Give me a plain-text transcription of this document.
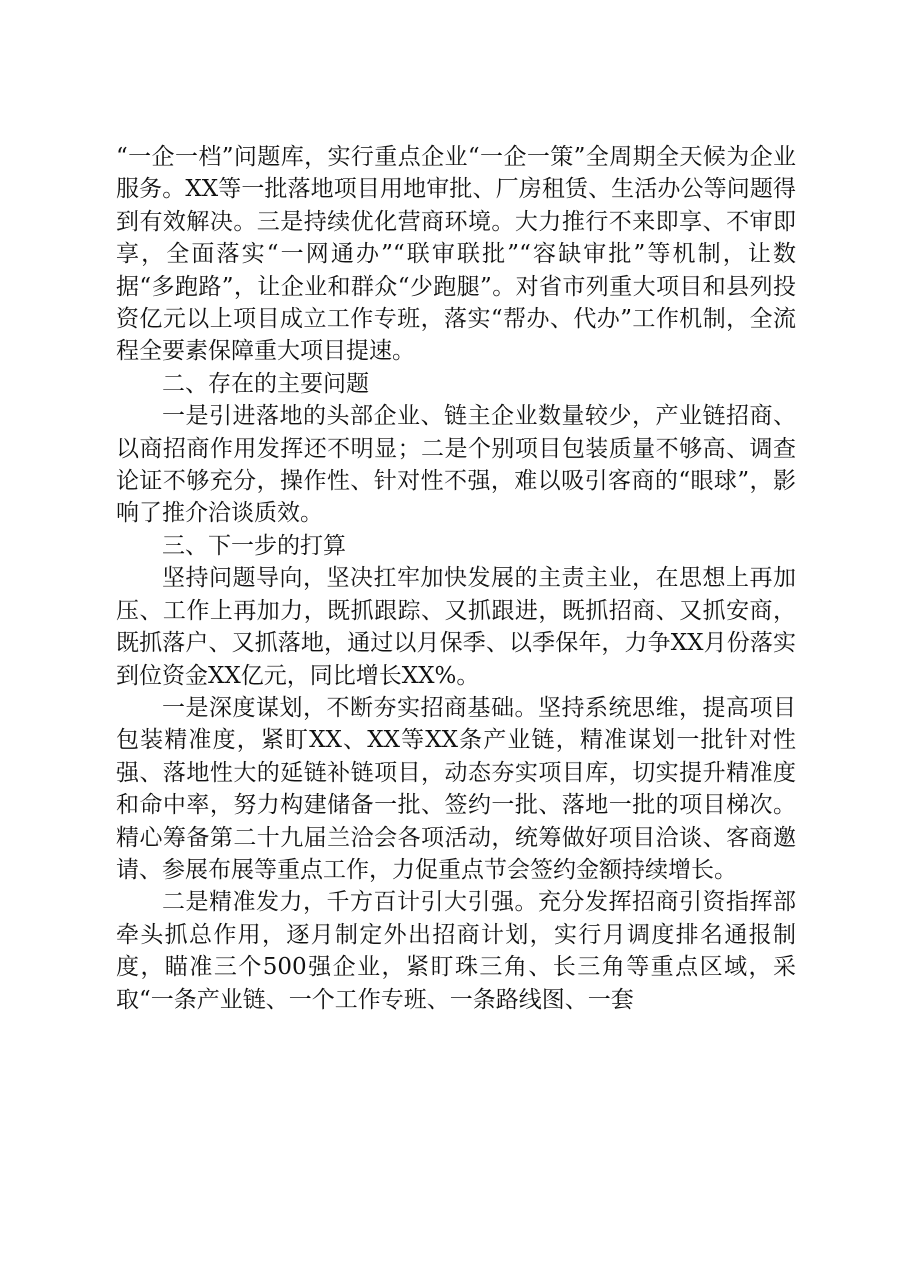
“一企一档”问题库，实行重点企业“一企一策”全周期全天候为企业服务。XX等一批落地项目用地审批、厂房租赁、生活办公等问题得到有效解决。三是持续优化营商环境。大力推行不来即享、不审即享，全面落实“一网通办”“联审联批”“容缺审批”等机制，让数据“多跑路”，让企业和群众“少跑腿”。对省市列重大项目和县列投资亿元以上项目成立工作专班，落实“帮办、代办”工作机制，全流程全要素保障重大项目提速。

二、存在的主要问题

一是引进落地的头部企业、链主企业数量较少，产业链招商、以商招商作用发挥还不明显；二是个别项目包装质量不够高、调查论证不够充分，操作性、针对性不强，难以吸引客商的“眼球”，影响了推介洽谈质效。

三、下一步的打算

坚持问题导向，坚决扛牢加快发展的主责主业，在思想上再加压、工作上再加力，既抓跟踪、又抓跟进，既抓招商、又抓安商，既抓落户、又抓落地，通过以月保季、以季保年，力争XX月份落实到位资金XX亿元，同比增长XX%。

一是深度谋划，不断夯实招商基础。坚持系统思维，提高项目包装精准度，紧盯XX、XX等XX条产业链，精准谋划一批针对性强、落地性大的延链补链项目，动态夯实项目库，切实提升精准度和命中率，努力构建储备一批、签约一批、落地一批的项目梯次。精心筹备第二十九届兰洽会各项活动，统筹做好项目洽谈、客商邀请、参展布展等重点工作，力促重点节会签约金额持续增长。

二是精准发力，千方百计引大引强。充分发挥招商引资指挥部牵头抓总作用，逐月制定外出招商计划，实行月调度排名通报制度，瞄准三个500强企业，紧盯珠三角、长三角等重点区域，采取“一条产业链、一个工作专班、一条路线图、一套
